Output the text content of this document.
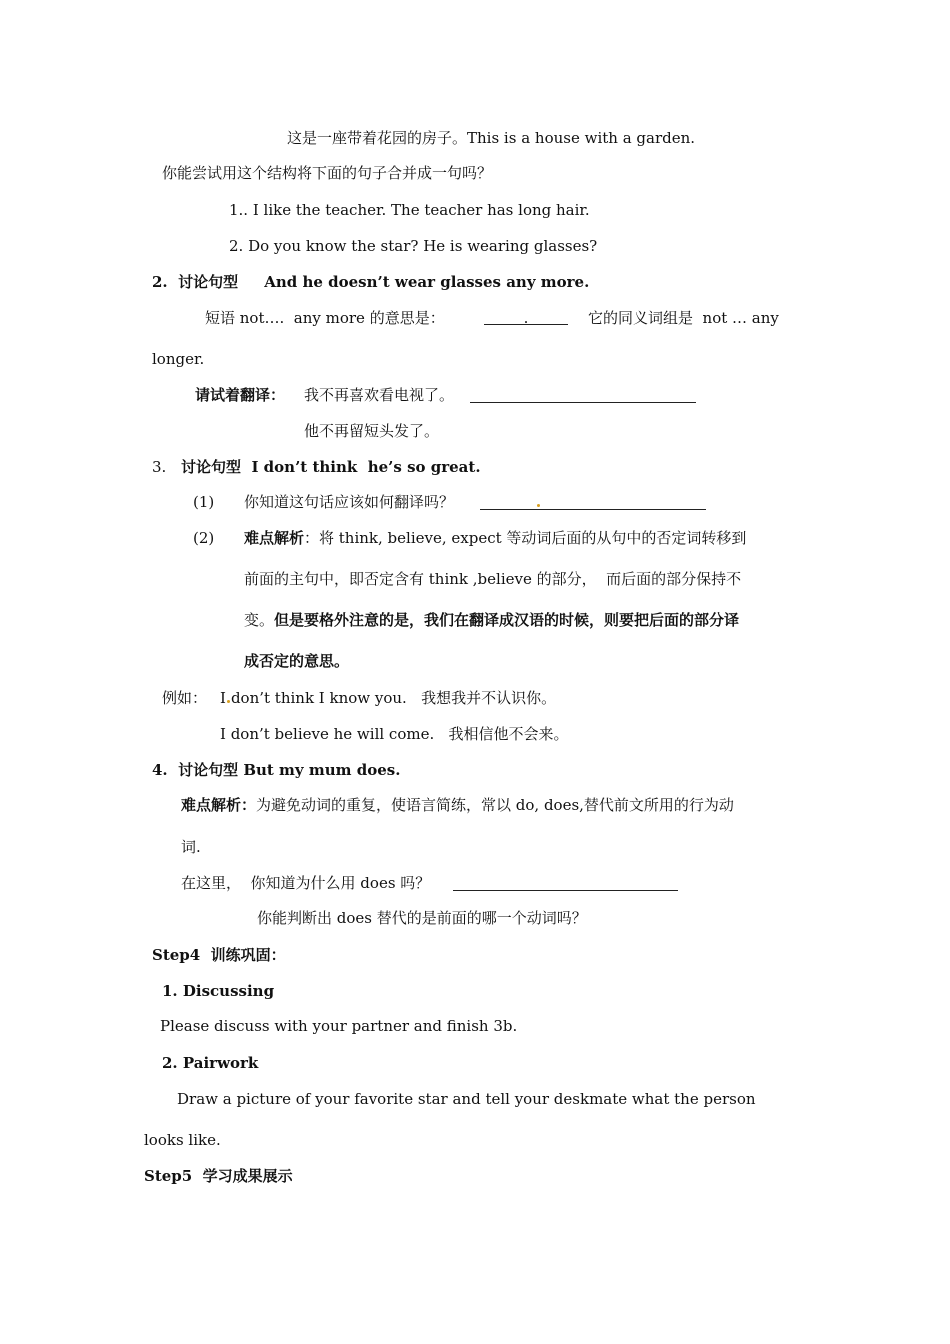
这是一座带着花园的房子。This is a house with a garden.
你能尝试用这个结构将下面的句子合并成一句吗？
1.. I like the teacher. The teacher has long hair.
2. Do you know the star? He is wearing glasses?
2.  讨论句型     And he doesn’t wear glasses any more.
短语 not….  any more 的意思是：	.	它的同义词组是  not … any
longer.
请试着翻译： 我不再喜欢看电视了。
他不再留短头发了。
3. 讨论句型  I don’t think  he’s so great.
(1) 你知道这句话应该如何翻译吗？
(2) 难点解析：将 think, believe, expect 等动词后面的从句中的否定词转移到
前面的主句中，即否定含有 think ,believe 的部分，  而后面的部分保持不
变。但是要格外注意的是，我们在翻译成汉语的时候，则要把后面的部分译
成否定的意思。
例如： I don’t think I know you.   我想我并不认识你。
I don’t believe he will come.   我相信他不会来。
4.  讨论句型 But my mum does.
难点解析：为避免动词的重复，使语言简练，常以 do, does,替代前文所用的行为动
词.
在这里，  你知道为什么用 does 吗？
你能判断出 does 替代的是前面的哪一个动词吗？
Step4  训练巩固：
1. Discussing
Please discuss with your partner and finish 3b.
2. Pairwork
Draw a picture of your favorite star and tell your deskmate what the person
looks like.
Step5  学习成果展示
